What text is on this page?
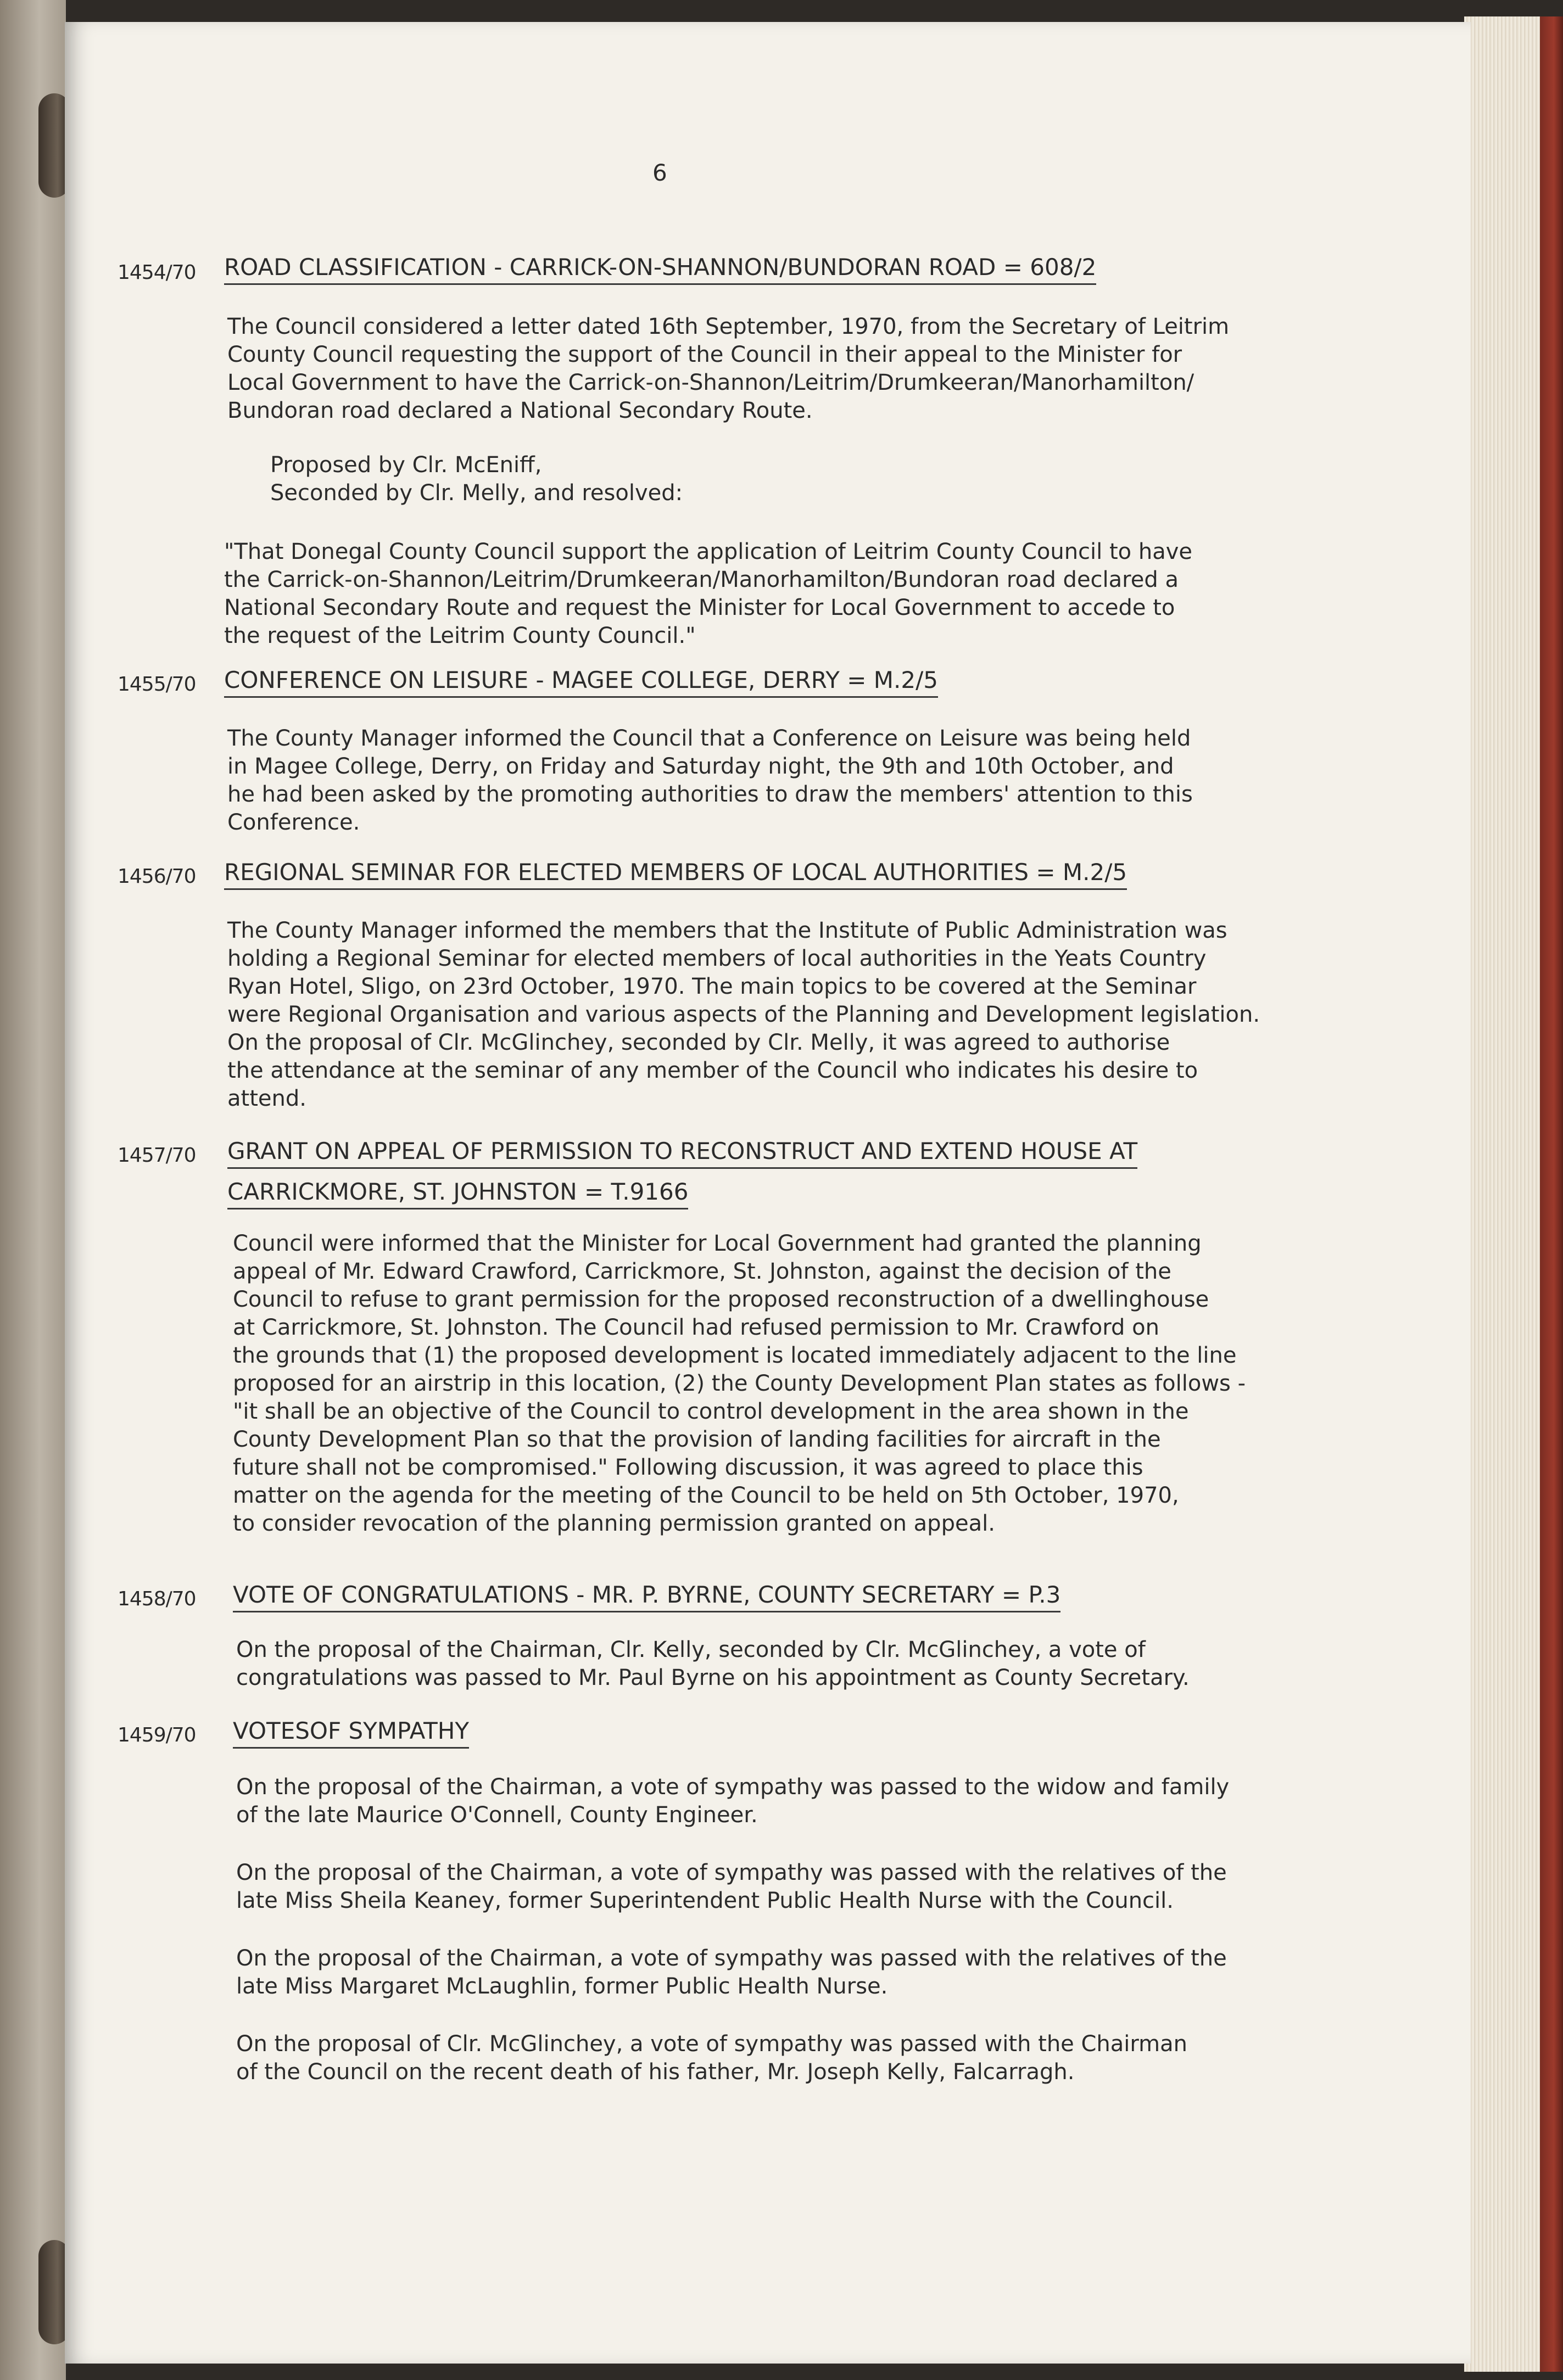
6
1454/70 ROAD CLASSIFICATION - CARRICK-ON-SHANNON/BUNDORAN ROAD = 608/2

The Council considered a letter dated 16th September, 1970, from the Secretary of Leitrim
County Council requesting the support of the Council in their appeal to the Minister for
Local Government to have the Carrick-on-Shannon/Leitrim/Drumkeeran/Manorhamilton/
Bundoran road declared a National Secondary Route.

Proposed by Clr. McEniff,
Seconded by Clr. Melly, and resolved:

"That Donegal County Council support the application of Leitrim County Council to have
the Carrick-on-Shannon/Leitrim/Drumkeeran/Manorhamilton/Bundoran road declared a
National Secondary Route and request the Minister for Local Government to accede to
the request of the Leitrim County Council."

1455/70 CONFERENCE ON LEISURE - MAGEE COLLEGE, DERRY = M.2/5

The County Manager informed the Council that a Conference on Leisure was being held
in Magee College, Derry, on Friday and Saturday night, the 9th and 10th October, and
he had been asked by the promoting authorities to draw the members' attention to this
Conference.

1456/70 REGIONAL SEMINAR FOR ELECTED MEMBERS OF LOCAL AUTHORITIES = M.2/5

The County Manager informed the members that the Institute of Public Administration was
holding a Regional Seminar for elected members of local authorities in the Yeats Country
Ryan Hotel, Sligo, on 23rd October, 1970. The main topics to be covered at the Seminar
were Regional Organisation and various aspects of the Planning and Development legislation.
On the proposal of Clr. McGlinchey, seconded by Clr. Melly, it was agreed to authorise
the attendance at the seminar of any member of the Council who indicates his desire to
attend.

1457/70 GRANT ON APPEAL OF PERMISSION TO RECONSTRUCT AND EXTEND HOUSE AT
CARRICKMORE, ST. JOHNSTON = T.9166

Council were informed that the Minister for Local Government had granted the planning
appeal of Mr. Edward Crawford, Carrickmore, St. Johnston, against the decision of the
Council to refuse to grant permission for the proposed reconstruction of a dwellinghouse
at Carrickmore, St. Johnston. The Council had refused permission to Mr. Crawford on
the grounds that (1) the proposed development is located immediately adjacent to the line
proposed for an airstrip in this location, (2) the County Development Plan states as follows -
"it shall be an objective of the Council to control development in the area shown in the
County Development Plan so that the provision of landing facilities for aircraft in the
future shall not be compromised." Following discussion, it was agreed to place this
matter on the agenda for the meeting of the Council to be held on 5th October, 1970,
to consider revocation of the planning permission granted on appeal.

1458/70 VOTE OF CONGRATULATIONS - MR. P. BYRNE, COUNTY SECRETARY = P.3

On the proposal of the Chairman, Clr. Kelly, seconded by Clr. McGlinchey, a vote of
congratulations was passed to Mr. Paul Byrne on his appointment as County Secretary.

1459/70 VOTESOF SYMPATHY

On the proposal of the Chairman, a vote of sympathy was passed to the widow and family
of the late Maurice O'Connell, County Engineer.

On the proposal of the Chairman, a vote of sympathy was passed with the relatives of the
late Miss Sheila Keaney, former Superintendent Public Health Nurse with the Council.

On the proposal of the Chairman, a vote of sympathy was passed with the relatives of the
late Miss Margaret McLaughlin, former Public Health Nurse.

On the proposal of Clr. McGlinchey, a vote of sympathy was passed with the Chairman
of the Council on the recent death of his father, Mr. Joseph Kelly, Falcarragh.
